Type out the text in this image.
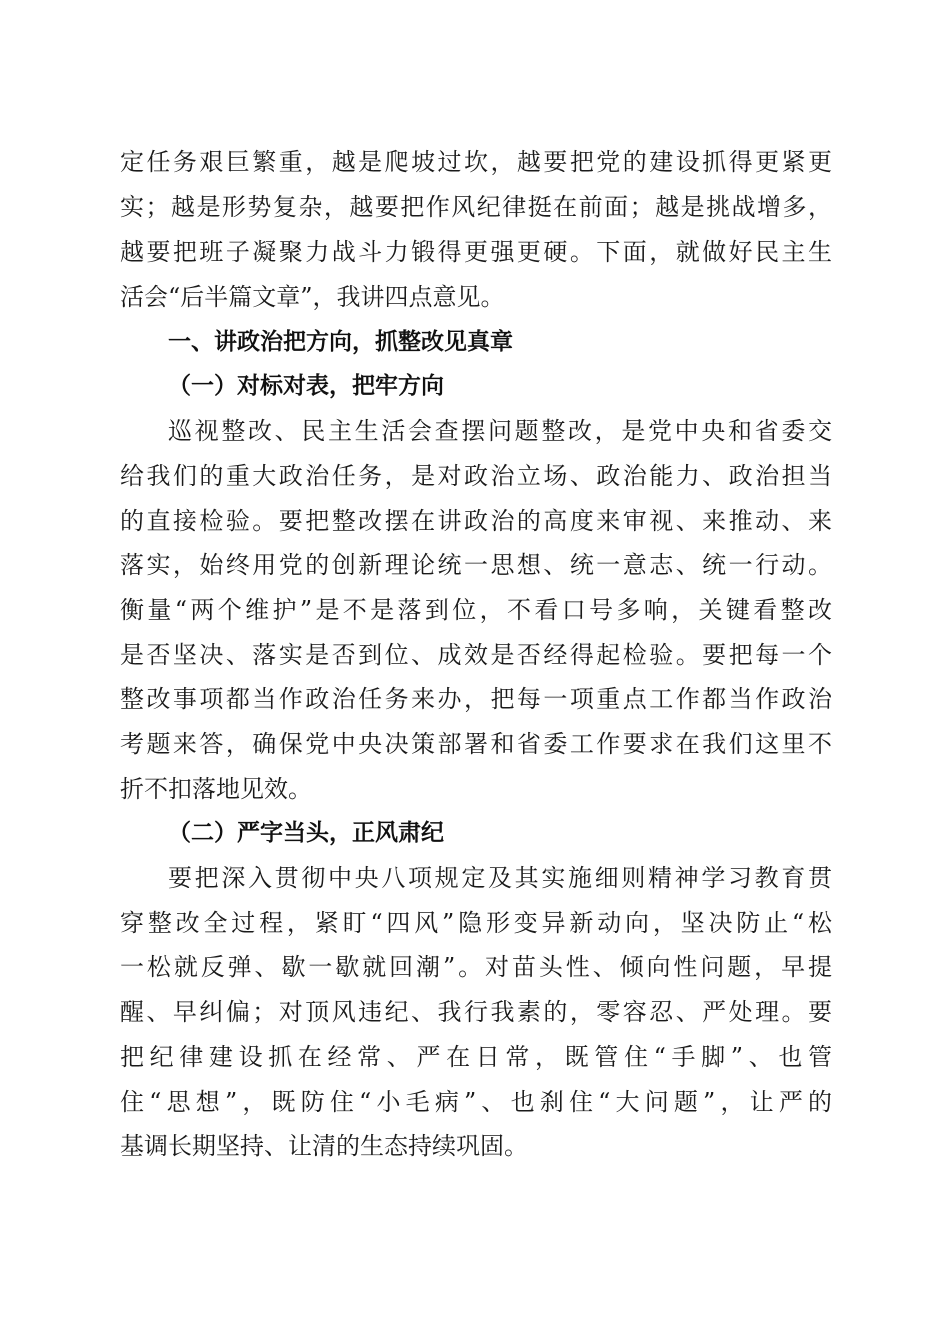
定任务艰巨繁重，越是爬坡过坎，越要把党的建设抓得更紧更

实；越是形势复杂，越要把作风纪律挺在前面；越是挑战增多，

越要把班子凝聚力战斗力锻得更强更硬。下面，就做好民主生

活会“后半篇文章”，我讲四点意见。

一、讲政治把方向，抓整改见真章

（一）对标对表，把牢方向

巡视整改、民主生活会查摆问题整改，是党中央和省委交

给我们的重大政治任务，是对政治立场、政治能力、政治担当

的直接检验。要把整改摆在讲政治的高度来审视、来推动、来

落实，始终用党的创新理论统一思想、统一意志、统一行动。

衡量“两个维护”是不是落到位，不看口号多响，关键看整改

是否坚决、落实是否到位、成效是否经得起检验。要把每一个

整改事项都当作政治任务来办，把每一项重点工作都当作政治

考题来答，确保党中央决策部署和省委工作要求在我们这里不

折不扣落地见效。

（二）严字当头，正风肃纪

要把深入贯彻中央八项规定及其实施细则精神学习教育贯

穿整改全过程，紧盯“四风”隐形变异新动向，坚决防止“松

一松就反弹、歇一歇就回潮”。对苗头性、倾向性问题，早提

醒、早纠偏；对顶风违纪、我行我素的，零容忍、严处理。要

把纪律建设抓在经常、严在日常，既管住“手脚”、也管

住“思想”，既防住“小毛病”、也刹住“大问题”，让严的

基调长期坚持、让清的生态持续巩固。
